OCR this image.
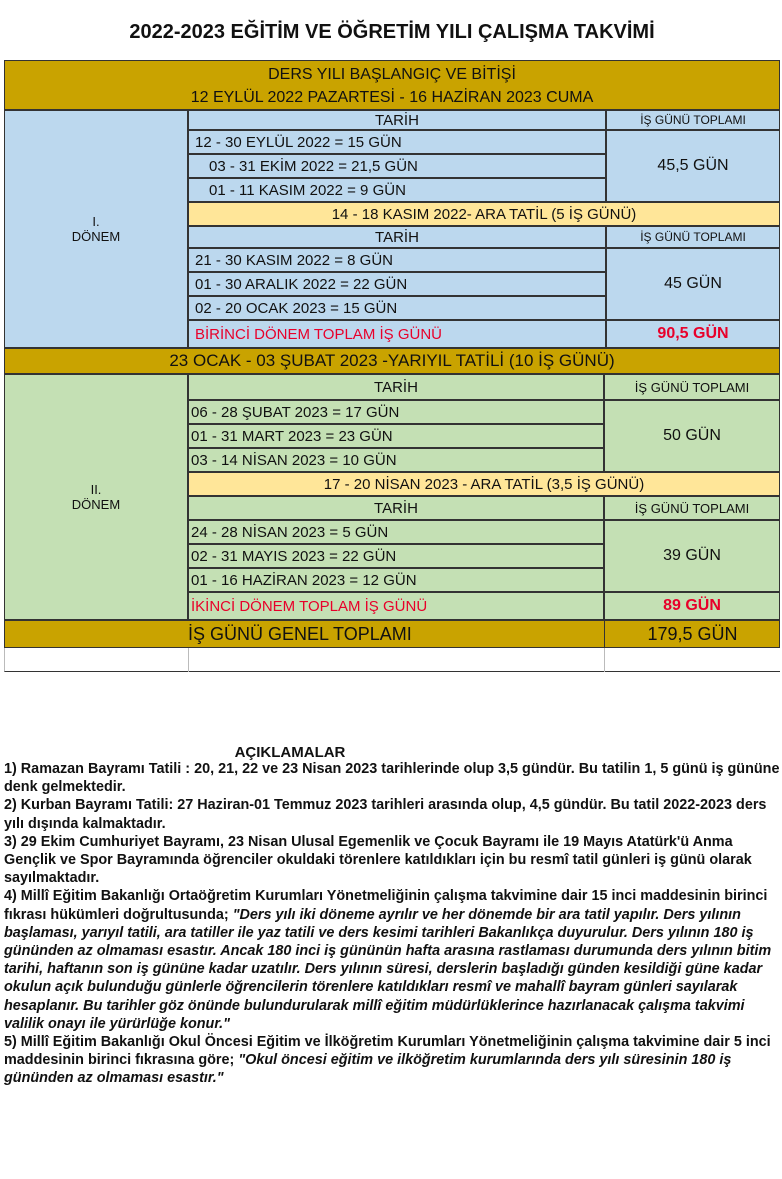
2022-2023 EĞİTİM VE ÖĞRETİM YILI ÇALIŞMA TAKVİMİ
DERS YILI BAŞLANGIÇ VE BİTİŞİ
12 EYLÜL 2022 PAZARTESİ - 16 HAZİRAN 2023 CUMA
I.
DÖNEM
TARİH	İŞ GÜNÜ TOPLAMI
12 - 30 EYLÜL 2022 = 15 GÜN
03 - 31 EKİM 2022 = 21,5 GÜN
01 - 11 KASIM 2022 = 9 GÜN
45,5 GÜN
14 - 18 KASIM 2022- ARA TATİL (5 İŞ GÜNÜ)
TARİH	İŞ GÜNÜ TOPLAMI
21 - 30 KASIM 2022 = 8 GÜN
01 - 30 ARALIK 2022 = 22 GÜN
02 - 20 OCAK 2023 = 15 GÜN
45 GÜN
BİRİNCİ DÖNEM TOPLAM İŞ GÜNÜ	90,5 GÜN
23 OCAK - 03 ŞUBAT 2023 -YARIYIL TATİLİ (10 İŞ GÜNÜ)
II.
DÖNEM
TARİH	İŞ GÜNÜ TOPLAMI
06 - 28 ŞUBAT 2023 = 17 GÜN
01 - 31 MART 2023 = 23 GÜN
03 - 14 NİSAN 2023 = 10 GÜN
50 GÜN
17 - 20 NİSAN 2023 - ARA TATİL (3,5 İŞ GÜNÜ)
TARİH	İŞ GÜNÜ TOPLAMI
24 - 28 NİSAN 2023 = 5 GÜN
02 - 31 MAYIS 2023 = 22 GÜN
01 - 16 HAZİRAN 2023 = 12 GÜN
39 GÜN
İKİNCİ DÖNEM TOPLAM İŞ GÜNÜ	89 GÜN
İŞ GÜNÜ GENEL TOPLAMI	179,5 GÜN
AÇIKLAMALAR

1) Ramazan Bayramı Tatili : 20, 21, 22 ve 23 Nisan 2023 tarihlerinde olup 3,5 gündür. Bu tatilin 1, 5 günü iş gününe denk gelmektedir.

2) Kurban Bayramı Tatili: 27 Haziran-01 Temmuz 2023 tarihleri arasında olup, 4,5 gündür. Bu tatil 2022-2023 ders yılı dışında kalmaktadır.

3) 29 Ekim Cumhuriyet Bayramı, 23 Nisan Ulusal Egemenlik ve Çocuk Bayramı ile 19 Mayıs Atatürk'ü Anma Gençlik ve Spor Bayramında öğrenciler okuldaki törenlere katıldıkları için bu resmî tatil günleri iş günü olarak sayılmaktadır.

4) Millî Eğitim Bakanlığı Ortaöğretim Kurumları Yönetmeliğinin çalışma takvimine dair 15 inci maddesinin birinci fıkrası hükümleri doğrultusunda; "Ders yılı iki döneme ayrılır ve her dönemde bir ara tatil yapılır. Ders yılının başlaması, yarıyıl tatili, ara tatiller ile yaz tatili ve ders kesimi tarihleri Bakanlıkça duyurulur. Ders yılının 180 iş gününden az olmaması esastır. Ancak 180 inci iş gününün hafta arasına rastlaması durumunda ders yılının bitim tarihi, haftanın son iş gününe kadar uzatılır. Ders yılının süresi, derslerin başladığı günden kesildiği güne kadar okulun açık bulunduğu günlerle öğrencilerin törenlere katıldıkları resmî ve mahallî bayram günleri sayılarak hesaplanır. Bu tarihler göz önünde bulundurularak millî eğitim müdürlüklerince hazırlanacak çalışma takvimi valilik onayı ile yürürlüğe konur."

5) Millî Eğitim Bakanlığı Okul Öncesi Eğitim ve İlköğretim Kurumları Yönetmeliğinin çalışma takvimine dair 5 inci maddesinin birinci fıkrasına göre; "Okul öncesi eğitim ve ilköğretim kurumlarında ders yılı süresinin 180 iş gününden az olmaması esastır."
